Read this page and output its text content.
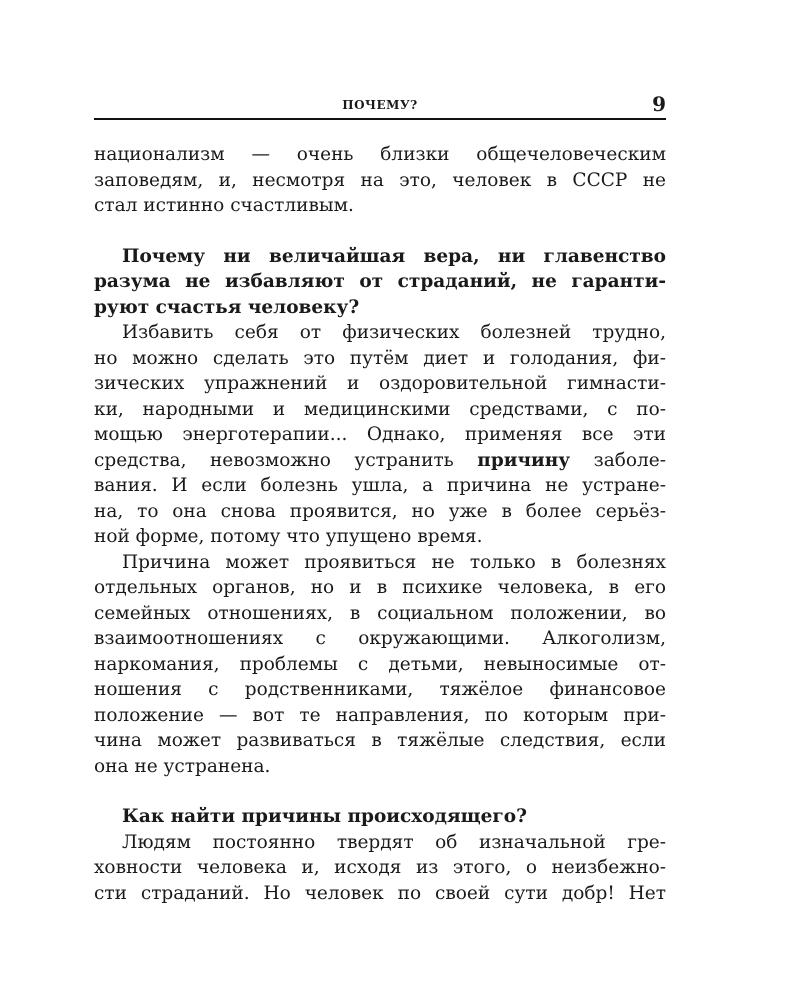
ПОЧЕМУ?	9

национализм — очень близки общечеловеческим
заповедям, и, несмотря на это, человек в СССР не
стал истинно счастливым.

Почему ни величайшая вера, ни главенство
разума не избавляют от страданий, не гаранти-
руют счастья человеку?

Избавить себя от физических болезней трудно,
но можно сделать это путём диет и голодания, фи-
зических упражнений и оздоровительной гимнасти-
ки, народными и медицинскими средствами, с по-
мощью энерготерапии... Однако, применяя все эти
средства, невозможно устранить причину заболе-
вания. И если болезнь ушла, а причина не устране-
на, то она снова проявится, но уже в более серьёз-
ной форме, потому что упущено время.

Причина может проявиться не только в болезнях
отдельных органов, но и в психике человека, в его
семейных отношениях, в социальном положении, во
взаимоотношениях с окружающими. Алкоголизм,
наркомания, проблемы с детьми, невыносимые от-
ношения с родственниками, тяжёлое финансовое
положение — вот те направления, по которым при-
чина может развиваться в тяжёлые следствия, если
она не устранена.

Как найти причины происходящего?

Людям постоянно твердят об изначальной гре-
ховности человека и, исходя из этого, о неизбежно-
сти страданий. Но человек по своей сути добр! Нет
